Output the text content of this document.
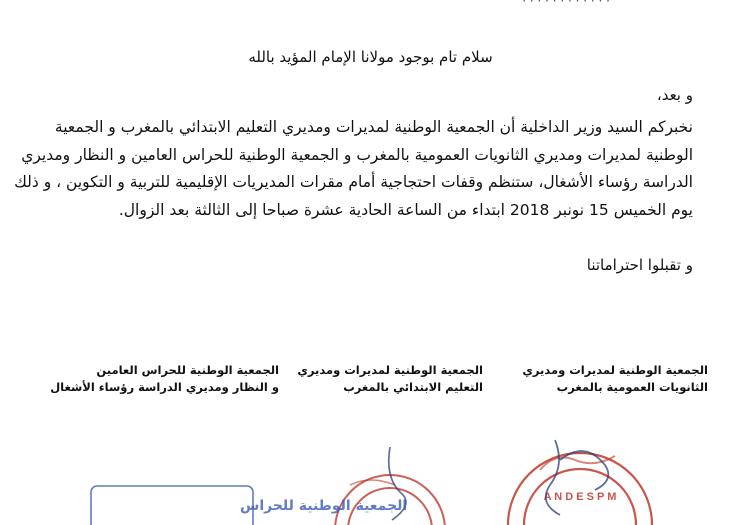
· · · · · · · · · · · ·
سلام تام بوجود مولانا الإمام المؤيد بالله
و بعد،
نخبركم السيد وزير الداخلية أن الجمعية الوطنية لمديرات ومديري التعليم الابتدائي بالمغرب و الجمعية
الوطنية لمديرات ومديري الثانويات العمومية بالمغرب و الجمعية الوطنية للحراس العامين و النظار ومديري
الدراسة رؤساء الأشغال، ستنظم وقفات احتجاجية أمام مقرات المديريات الإقليمية للتربية و التكوين ، و ذلك
يوم الخميس 15 نونبر 2018 ابتداء من الساعة الحادية عشرة صباحا إلى الثالثة بعد الزوال.
و تقبلوا احتراماتنا
الجمعية الوطنية لمديرات ومديري
الثانويات العمومية بالمغرب
الجمعية الوطنية لمديرات ومديري
التعليم الابتدائي بالمغرب
الجمعية الوطنية للحراس العامين
و النظار ومديري الدراسة رؤساء الأشغال
A N D E S P M
الجمعية الوطنية للحراس
